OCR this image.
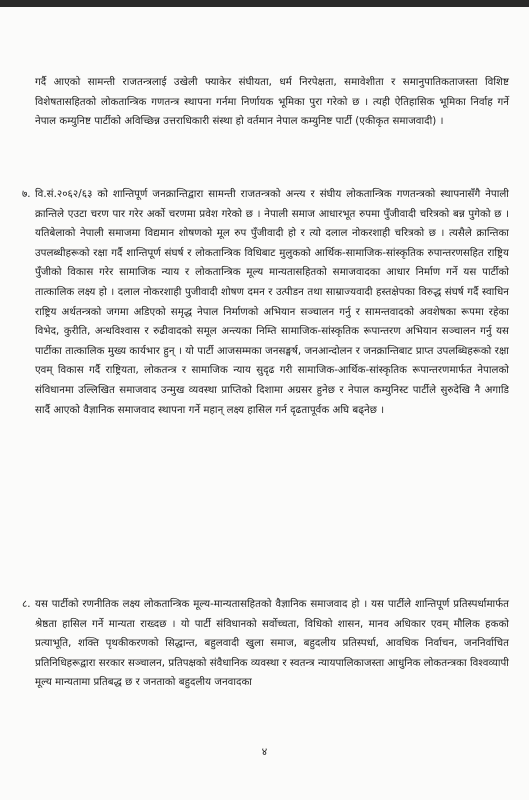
गर्दै आएको सामन्ती राजतन्त्रलाई उखेली फ्याकेर संघीयता, धर्म निरपेक्षता, समावेशीता र समानुपातिकताजस्ता विशिष्ट विशेषतासहितको लोकतान्त्रिक गणतन्त्र स्थापना गर्नमा निर्णायक भूमिका पुरा गरेको छ । त्यही ऐतिहासिक भूमिका निर्वाह गर्ने नेपाल कम्युनिष्ट पार्टीको अविच्छिन्न उत्तराधिकारी संस्था हो वर्तमान नेपाल कम्युनिष्ट पार्टी (एकीकृत समाजवादी) ।
७. वि.सं.२०६२/६३ को शान्तिपूर्ण जनक्रान्तिद्वारा सामन्ती राजतन्त्रको अन्त्य र संघीय लोकतान्त्रिक गणतन्त्रको स्थापनासँगै नेपाली क्रान्तिले एउटा चरण पार गरेर अर्को चरणमा प्रवेश गरेको छ । नेपाली समाज आधारभूत रुपमा पुँजीवादी चरित्रको बन्न पुगेको छ । यतिबेलाको नेपाली समाजमा विद्यमान शोषणको मूल रुप पुँजीवादी हो र त्यो दलाल नोकरशाही चरित्रको छ । त्यसैले क्रान्तिका उपलब्धीहरूको रक्षा गर्दै शान्तिपूर्ण संघर्ष र लोकतान्त्रिक विधिबाट मुलुकको आर्थिक-सामाजिक-सांस्कृतिक रुपान्तरणसहित राष्ट्रिय पुँजीको विकास गरेर सामाजिक न्याय र लोकतान्त्रिक मूल्य मान्यतासहितको समाजवादका आधार निर्माण गर्ने यस पार्टीको तात्कालिक लक्ष्य हो । दलाल नोकरशाही पुजीवादी शोषण दमन र उत्पीडन तथा साम्राज्यवादी हस्तक्षेपका विरुद्ध संघर्ष गर्दै स्वाधिन राष्ट्रिय अर्थतन्त्रको जगमा अडिएको समृद्ध नेपाल निर्माणको अभियान सञ्चालन गर्नु र सामन्तवादको अवशेषका रूपमा रहेका विभेद, कुरीति, अन्धविश्वास र रुढीवादको समूल अन्त्यका निम्ति सामाजिक-सांस्कृतिक रूपान्तरण अभियान सञ्चालन गर्नु यस पार्टीका तात्कालिक मुख्य कार्यभार हुन् । यो पार्टी आजसम्मका जनसङ्घर्ष, जनआन्दोलन र जनक्रान्तिबाट प्राप्त उपलब्धिहरूको रक्षा एवम् विकास गर्दै राष्ट्रियता, लोकतन्त्र र सामाजिक न्याय सुदृढ गरी सामाजिक-आर्थिक-सांस्कृतिक रूपान्तरणमार्फत नेपालको संविधानमा उल्लिखित समाजवाद उन्मुख व्यवस्था प्राप्तिको दिशामा अग्रसर हुनेछ र नेपाल कम्युनिस्ट पार्टीले सुरुदेखि नै अगाडि सार्दै आएको वैज्ञानिक समाजवाद स्थापना गर्ने महान् लक्ष्य हासिल गर्न दृढतापूर्वक अघि बढ्नेछ ।
८. यस पार्टीको रणनीतिक लक्ष्य लोकतान्त्रिक मूल्य-मान्यतासहितको वैज्ञानिक समाजवाद हो । यस पार्टीले शान्तिपूर्ण प्रतिस्पर्धामार्फत श्रेष्ठता हासिल गर्ने मान्यता राख्दछ । यो पार्टी संविधानको सर्वोच्चता, विधिको शासन, मानव अधिकार एवम् मौलिक हकको प्रत्याभूति, शक्ति पृथकीकरणको सिद्धान्त, बहुलवादी खुला समाज, बहुदलीय प्रतिस्पर्धा, आवधिक निर्वाचन, जननिर्वाचित प्रतिनिधिहरूद्वारा सरकार सञ्चालन, प्रतिपक्षको संवैधानिक व्यवस्था र स्वतन्त्र न्यायपालिकाजस्ता आधुनिक लोकतन्त्रका विश्वव्यापी मूल्य मान्यतामा प्रतिबद्ध छ र जनताको बहुदलीय जनवादका
४
